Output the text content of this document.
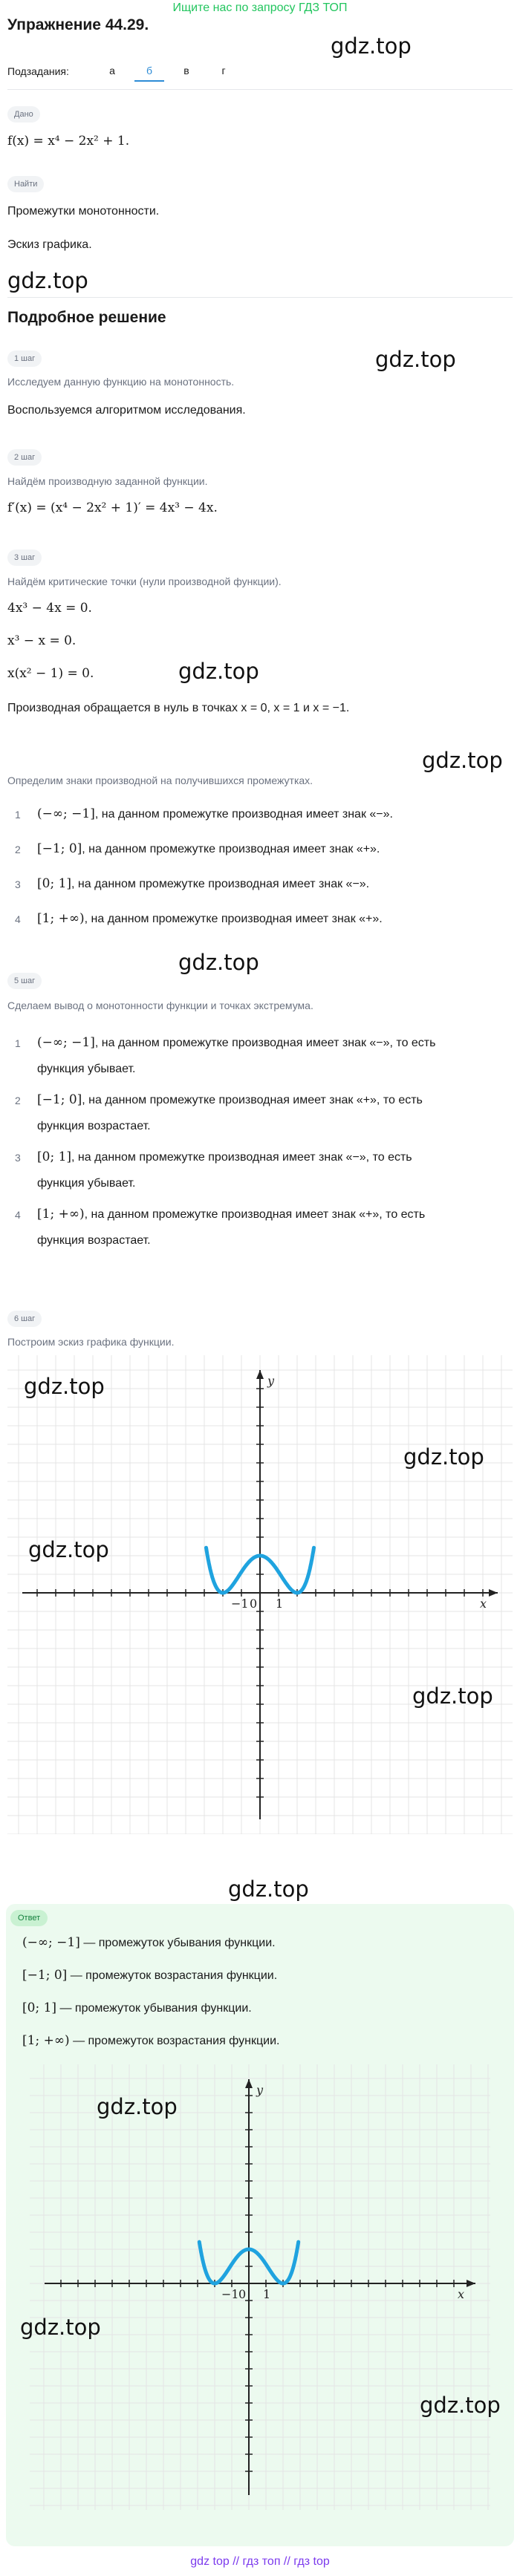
Ищите нас по запросу ГДЗ ТОП
Упражнение 44.29.
gdz.top
Подзадания:	а	б	в	г
Дано
f(x) = x⁴ − 2x² + 1.
Найти
Промежутки монотонности.
Эскиз графика.
gdz.top
Подробное решение
gdz.top
1 шаг
Исследуем данную функцию на монотонность.
Воспользуемся алгоритмом исследования.
2 шаг
Найдём производную заданной функции.
f′(x) = (x⁴ − 2x² + 1)′ = 4x³ − 4x.
3 шаг
Найдём критические точки (нули производной функции).
4x³ − 4x = 0.
x³ − x = 0.
x(x² − 1) = 0.	gdz.top
Производная обращается в нуль в точках x = 0, x = 1 и x = −1.
gdz.top
Определим знаки производной на получившихся промежутках.
1 (−∞; −1], на данном промежутке производная имеет знак «−».
2 [−1; 0], на данном промежутке производная имеет знак «+».
3 [0; 1], на данном промежутке производная имеет знак «−».
4 [1; +∞), на данном промежутке производная имеет знак «+».
gdz.top
5 шаг
Сделаем вывод о монотонности функции и точках экстремума.
1 (−∞; −1], на данном промежутке производная имеет знак «−», то есть
функция убывает.
2 [−1; 0], на данном промежутке производная имеет знак «+», то есть
функция возрастает.
3 [0; 1], на данном промежутке производная имеет знак «−», то есть
функция убывает.
4 [1; +∞), на данном промежутке производная имеет знак «+», то есть
функция возрастает.
6 шаг
Построим эскиз графика функции.
x
y
−1 0 1
gdz.top
gdz.top
gdz.top
gdz.top
gdz.top
Ответ
(−∞; −1] — промежуток убывания функции.
[−1; 0] — промежуток возрастания функции.
[0; 1] — промежуток убывания функции.
[1; +∞) — промежуток возрастания функции.
x
y
−1 0 1
gdz.top
gdz.top
gdz.top
gdz top // гдз топ // гдз top
